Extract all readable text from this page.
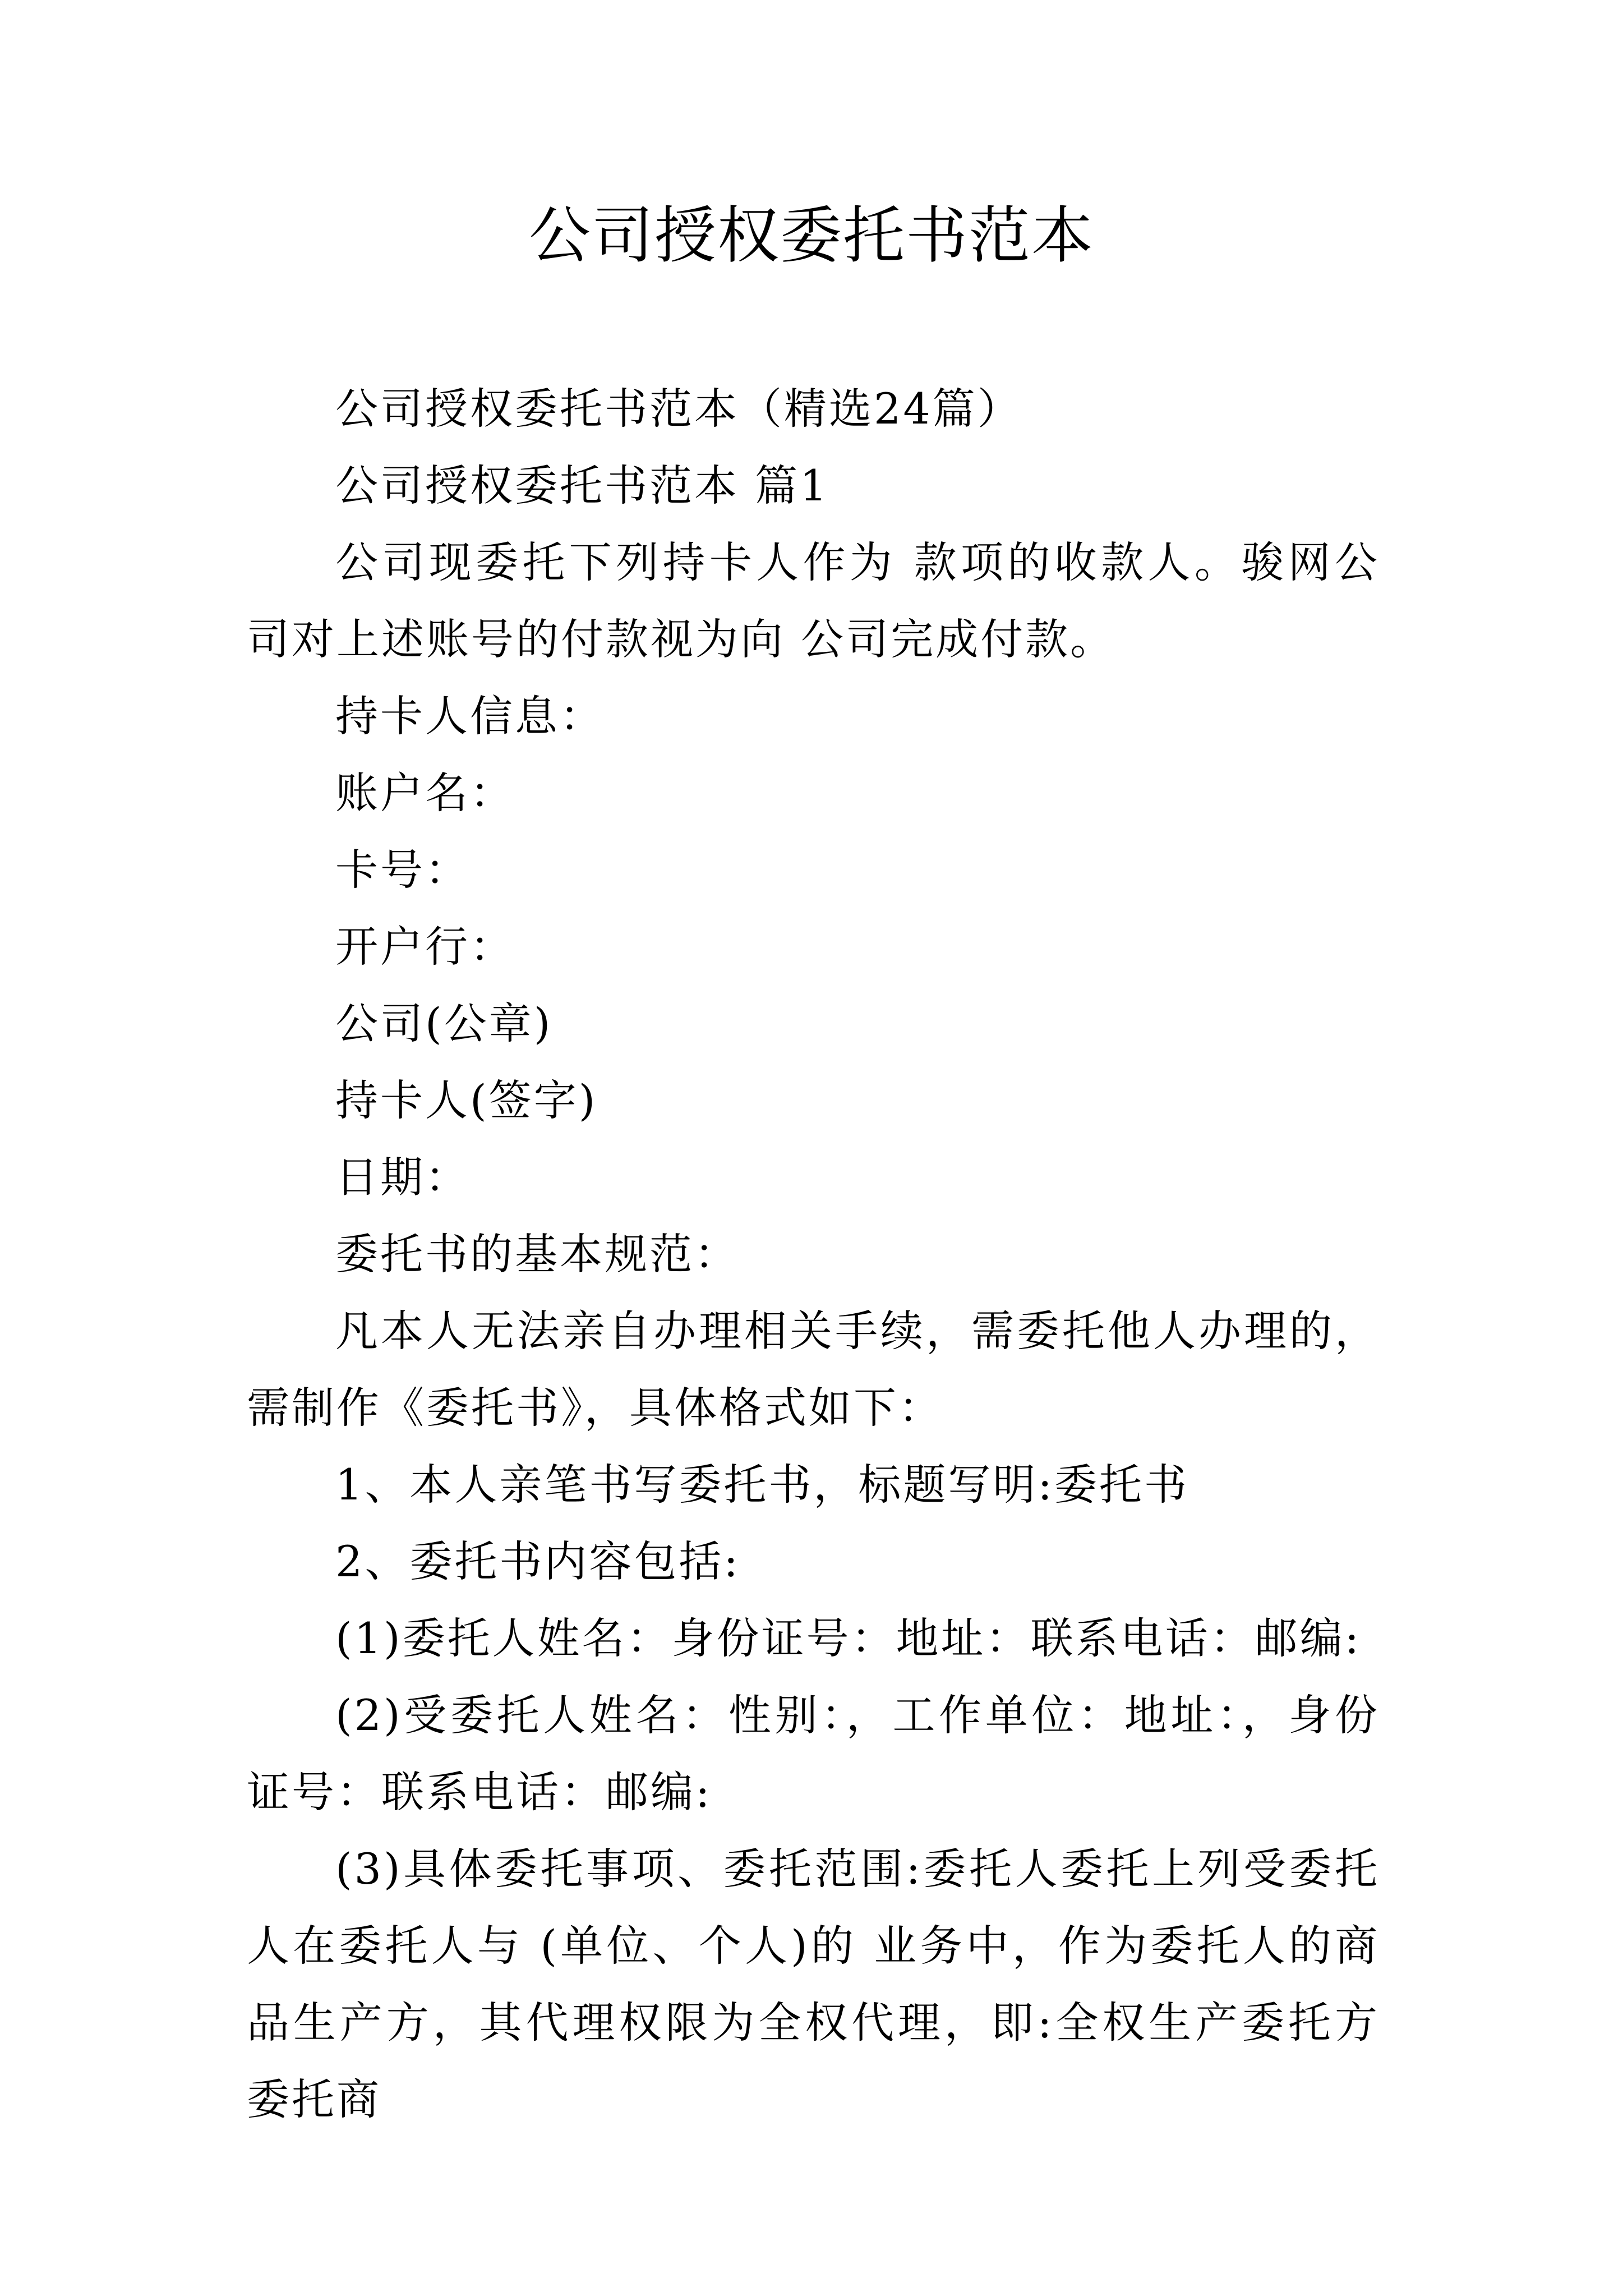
公司授权委托书范本

公司授权委托书范本（精选24篇）

公司授权委托书范本 篇1

公司现委托下列持卡人作为 款项的收款人。骏网公司对上述账号的付款视为向 公司完成付款。

持卡人信息：

账户名：

卡号：

开户行：

公司(公章)

持卡人(签字)

日期：

委托书的基本规范：

凡本人无法亲自办理相关手续，需委托他人办理的，需制作《委托书》，具体格式如下：

1、本人亲笔书写委托书，标题写明:委托书

2、委托书内容包括:

(1)委托人姓名：身份证号：地址：联系电话：邮编:

(2)受委托人姓名：性别：，工作单位：地址：，身份证号：联系电话：邮编:

(3)具体委托事项、委托范围:委托人委托上列受委托人在委托人与 (单位、个人)的 业务中，作为委托人的商品生产方，其代理权限为全权代理，即:全权生产委托方委托商
